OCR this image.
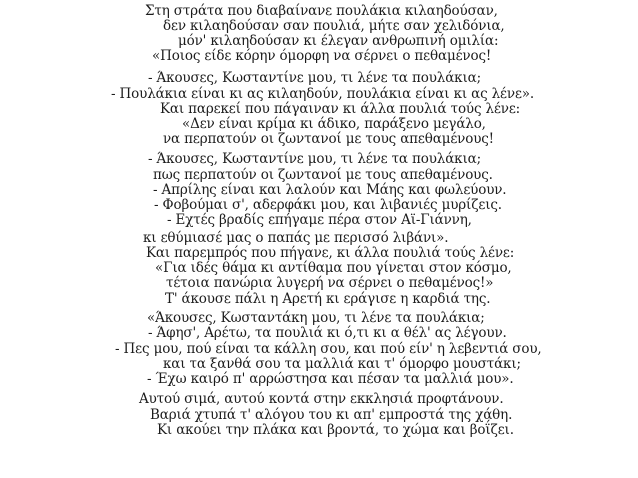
Στη στράτα που διαβαίνανε πουλάκια κιλαηδούσαν,
δεν κιλαηδούσαν σαν πουλιά, μήτε σαν χελιδόνια,
μόν' κιλαηδούσαν κι έλεγαν ανθρωπινή ομιλία:
«Ποιος είδε κόρην όμορφη να σέρνει ο πεθαμένος!
- Άκουσες, Κωσταντίνε μου, τι λένε τα πουλάκια;
- Πουλάκια είναι κι ας κιλαηδούν, πουλάκια είναι κι ας λένε».
Και παρεκεί που πάγαιναν κι άλλα πουλιά τούς λένε:
«Δεν είναι κρίμα κι άδικο, παράξενο μεγάλο,
να περπατούν οι ζωντανοί με τους απεθαμένους!
- Άκουσες, Κωσταντίνε μου, τι λένε τα πουλάκια;
πως περπατούν οι ζωντανοί με τους απεθαμένους.
- Απρίλης είναι και λαλούν και Μάης και φωλεύουν.
- Φοβούμαι σ', αδερφάκι μου, και λιβανιές μυρίζεις.
- Εχτές βραδίς επήγαμε πέρα στον Αϊ-Γιάννη,
κι εθύμιασέ μας ο παπάς με περισσό λιβάνι».
Και παρεμπρός που πήγανε, κι άλλα πουλιά τούς λένε:
«Για ιδές θάμα κι αντίθαμα που γίνεται στον κόσμο,
τέτοια πανώρια λυγερή να σέρνει ο πεθαμένος!»
Τ' άκουσε πάλι η Αρετή κι εράγισε η καρδιά της.
«Άκουσες, Κωσταντάκη μου, τι λένε τα πουλάκια;
- Άφησ', Αρέτω, τα πουλιά κι ό,τι κι α θέλ' ας λέγουν.
- Πες μου, πού είναι τα κάλλη σου, και πού είν' η λεβεντιά σου,
και τα ξανθά σου τα μαλλιά και τ' όμορφο μουστάκι;
- Έχω καιρό π' αρρώστησα και πέσαν τα μαλλιά μου».
Αυτού σιμά, αυτού κοντά στην εκκλησιά προφτάνουν.
Βαριά χτυπά τ' αλόγου του κι απ' εμπροστά της χάθη.
Κι ακούει την πλάκα και βροντά, το χώμα και βοΐζει.
